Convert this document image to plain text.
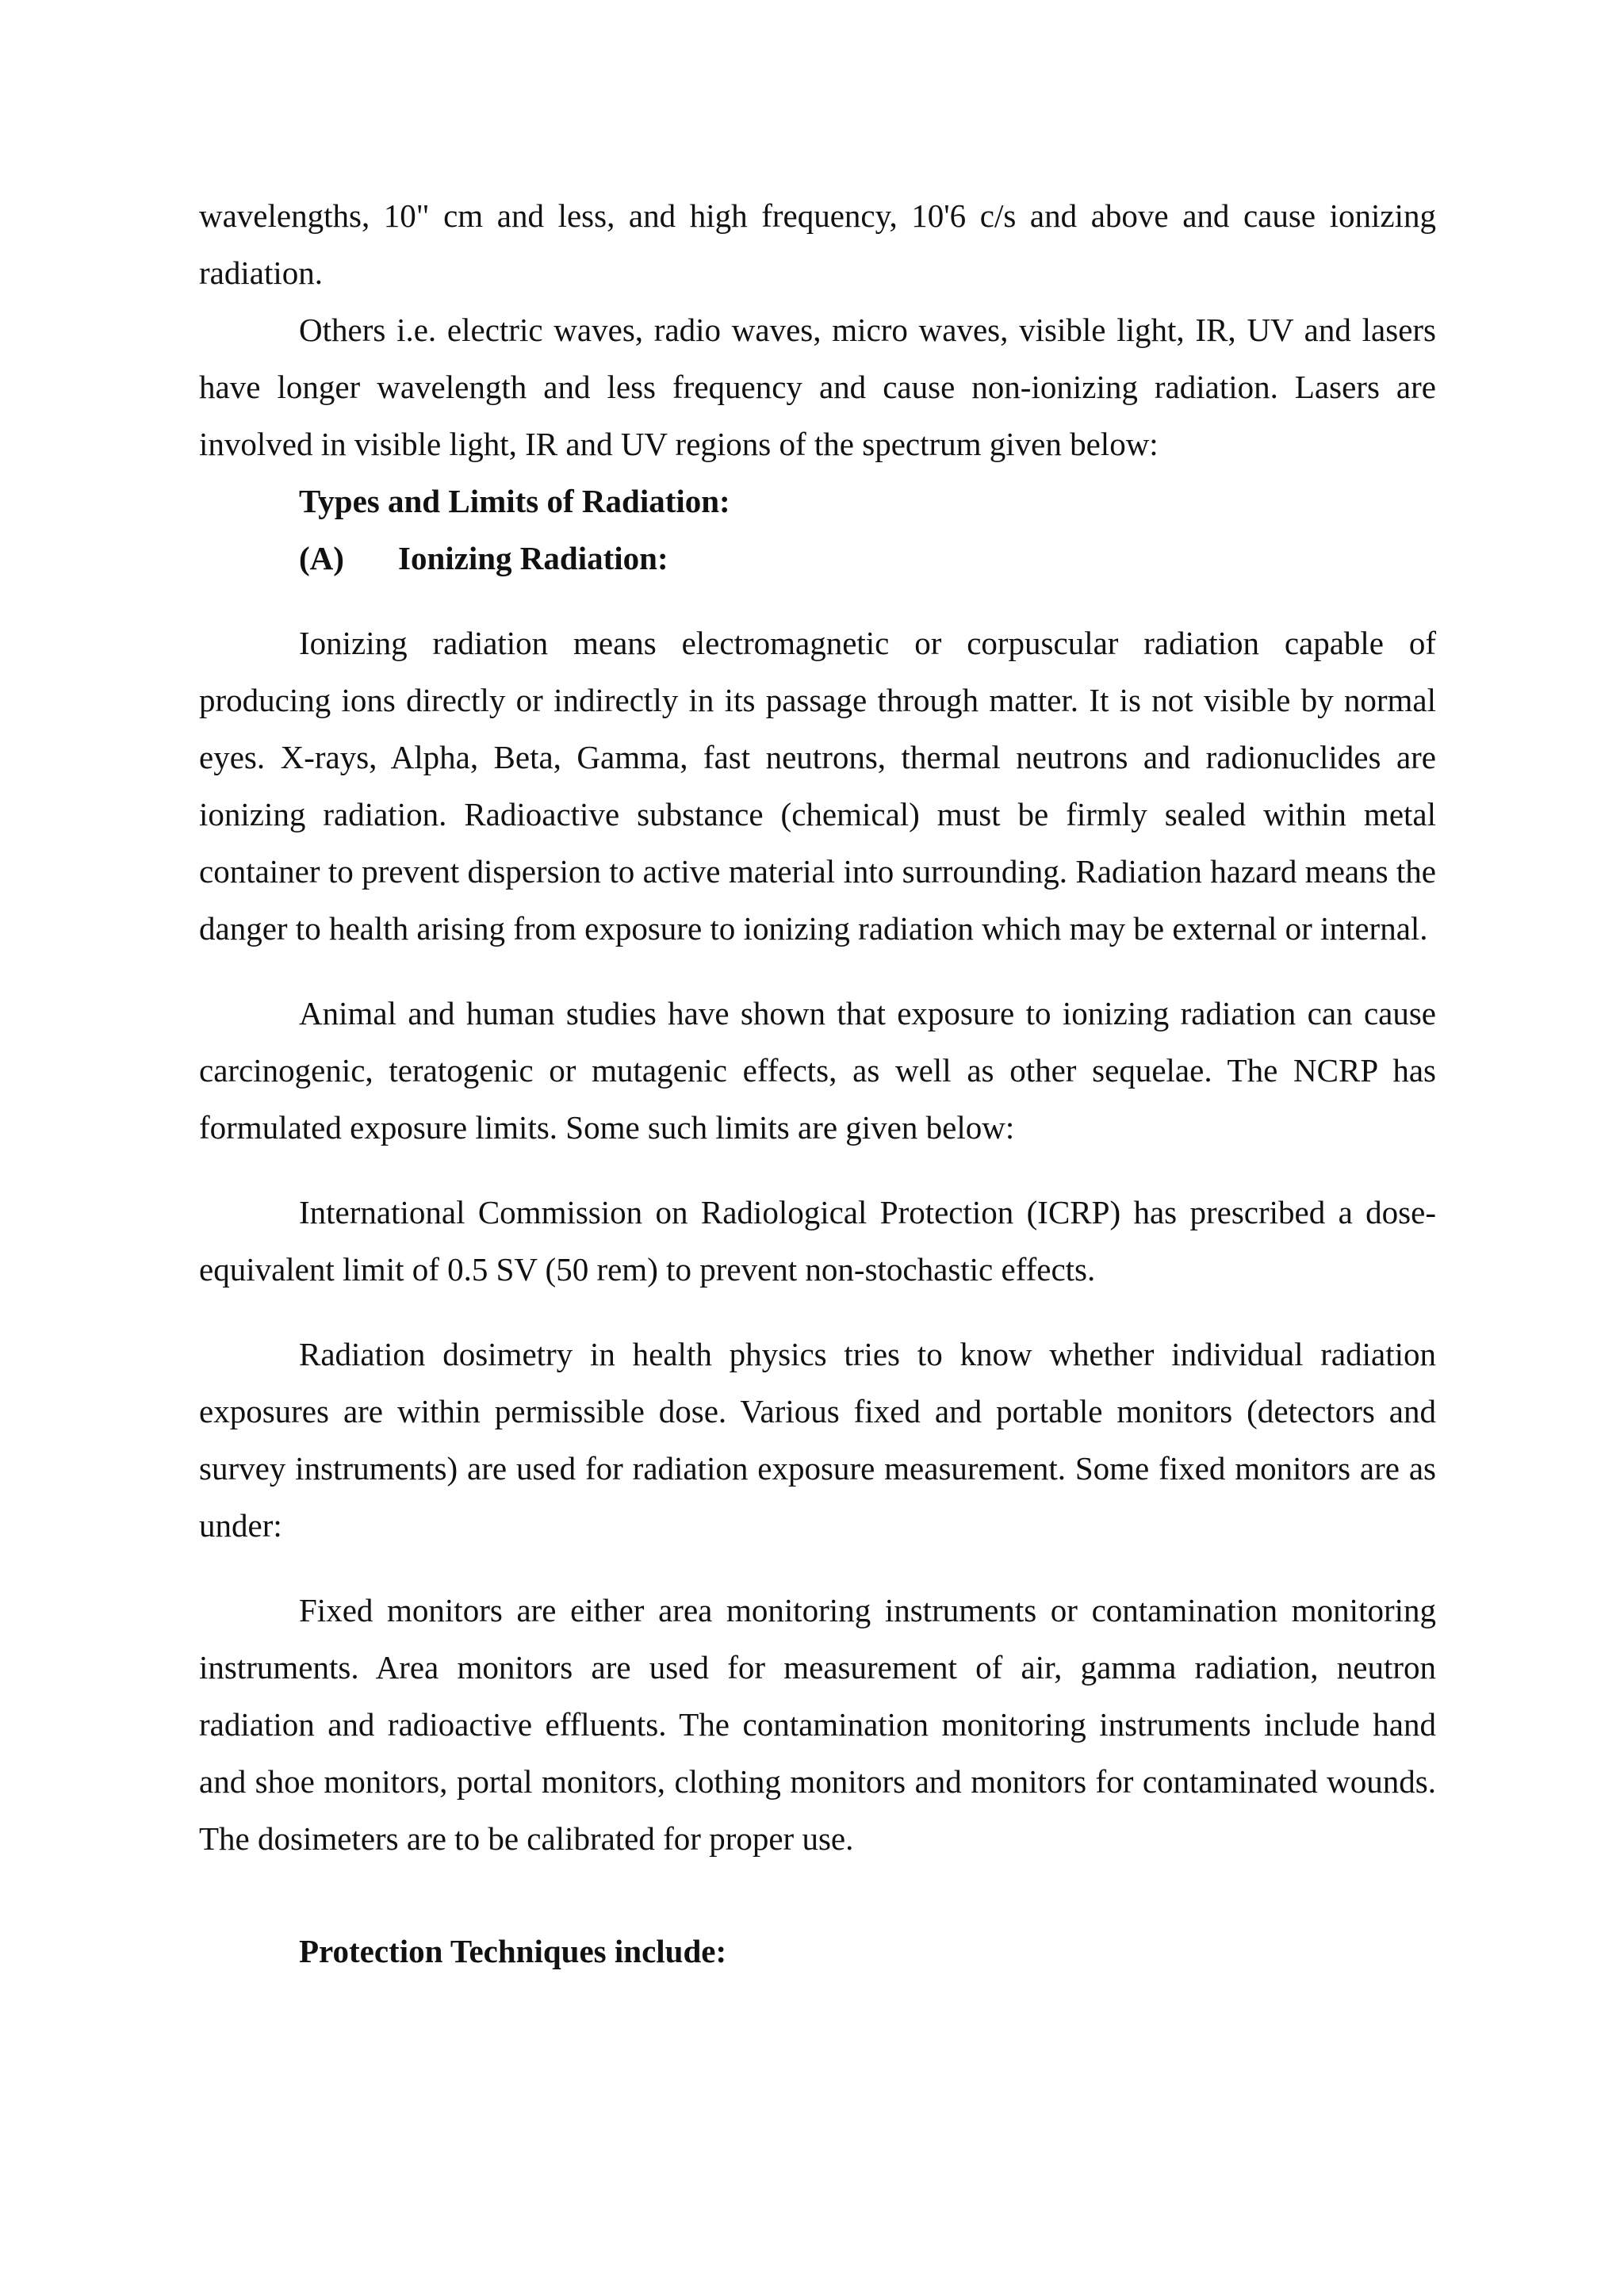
wavelengths, 10" cm and less, and high frequency, 10'6 c/s and above and cause ionizing radiation.

Others i.e. electric waves, radio waves, micro waves, visible light, IR, UV and lasers have longer wavelength and less frequency and cause non-ionizing radiation. Lasers are involved in visible light, IR and UV regions of the spectrum given below:

Types and Limits of Radiation:

(A)	Ionizing Radiation:

Ionizing radiation means electromagnetic or corpuscular radiation capable of producing ions directly or indirectly in its passage through matter. It is not visible by normal eyes. X-rays, Alpha, Beta, Gamma, fast neutrons, thermal neutrons and radionuclides are ionizing radiation. Radioactive substance (chemical) must be firmly sealed within metal container to prevent dispersion to active material into surrounding. Radiation hazard means the danger to health arising from exposure to ionizing radiation which may be external or internal.

Animal and human studies have shown that exposure to ionizing radiation can cause carcinogenic, teratogenic or mutagenic effects, as well as other sequelae. The NCRP has formulated exposure limits. Some such limits are given below:

International Commission on Radiological Protection (ICRP) has prescribed a dose-equivalent limit of 0.5 SV (50 rem) to prevent non-stochastic effects.

Radiation dosimetry in health physics tries to know whether individual radiation exposures are within permissible dose. Various fixed and portable monitors (detectors and survey instruments) are used for radiation exposure measurement. Some fixed monitors are as under:

Fixed monitors are either area monitoring instruments or contamination monitoring instruments. Area monitors are used for measurement of air, gamma radiation, neutron radiation and radioactive effluents. The contamination monitoring instruments include hand and shoe monitors, portal monitors, clothing monitors and monitors for contaminated wounds. The dosimeters are to be calibrated for proper use.

Protection Techniques include:
